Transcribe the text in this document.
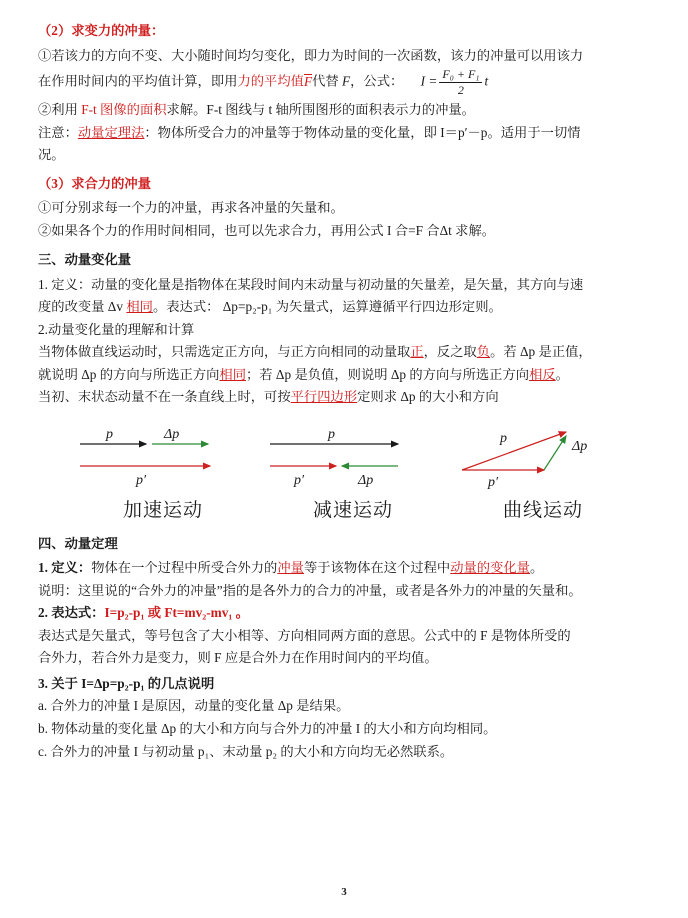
（2）求变力的冲量：

①若该力的方向不变、大小随时间均匀变化，即力为时间的一次函数，该力的冲量可以用该力

在作用时间内的平均值计算，即用力的平均值F代替 F，公式： $I = \frac{\text{F₀ + F₁}}{2}$ t

②利用 F-t 图像的面积求解。F-t 图线与 t 轴所围图形的面积表示力的冲量。

注意：动量定理法：物体所受合力的冲量等于物体动量的变化量，即 I＝p′－p。适用于一切情

况。

（3）求合力的冲量

①可分别求每一个力的冲量，再求各冲量的矢量和。

②如果各个力的作用时间相同，也可以先求合力，再用公式 I 合=F 合Δt 求解。

三、动量变化量

1. 定义：动量的变化量是指物体在某段时间内末动量与初动量的矢量差，是矢量，其方向与速

度的改变量 Δv 相同。表达式： Δp=p₂-p₁ 为矢量式，运算遵循平行四边形定则。

2.动量变化量的理解和计算

当物体做直线运动时，只需选定正方向，与正方向相同的动量取正，反之取负。若 Δp 是正值，

就说明 Δp 的方向与所选正方向相同；若 Δp 是负值，则说明 Δp 的方向与所选正方向相反。

当初、末状态动量不在一条直线上时，可按平行四边形定则求 Δp 的大小和方向

p	Δp
p′
加速运动
p
p′	Δp
减速运动
Δp
p
p′
曲线运动

四、动量定理

1. 定义：物体在一个过程中所受合外力的冲量等于该物体在这个过程中动量的变化量。

说明：这里说的“合外力的冲量”指的是各外力的合力的冲量，或者是各外力的冲量的矢量和。

2. 表达式：I=p₂-p₁ 或 Ft=mv₂-mv₁ 。

表达式是矢量式，等号包含了大小相等、方向相同两方面的意思。公式中的 F 是物体所受的

合外力，若合外力是变力，则 F 应是合外力在作用时间内的平均值。

3. 关于 I=Δp=p₂-p₁ 的几点说明

a. 合外力的冲量 I 是原因，动量的变化量 Δp 是结果。

b. 物体动量的变化量 Δp 的大小和方向与合外力的冲量 I 的大小和方向均相同。

c. 合外力的冲量 I 与初动量 p₁、末动量 p₂ 的大小和方向均无必然联系。

3
